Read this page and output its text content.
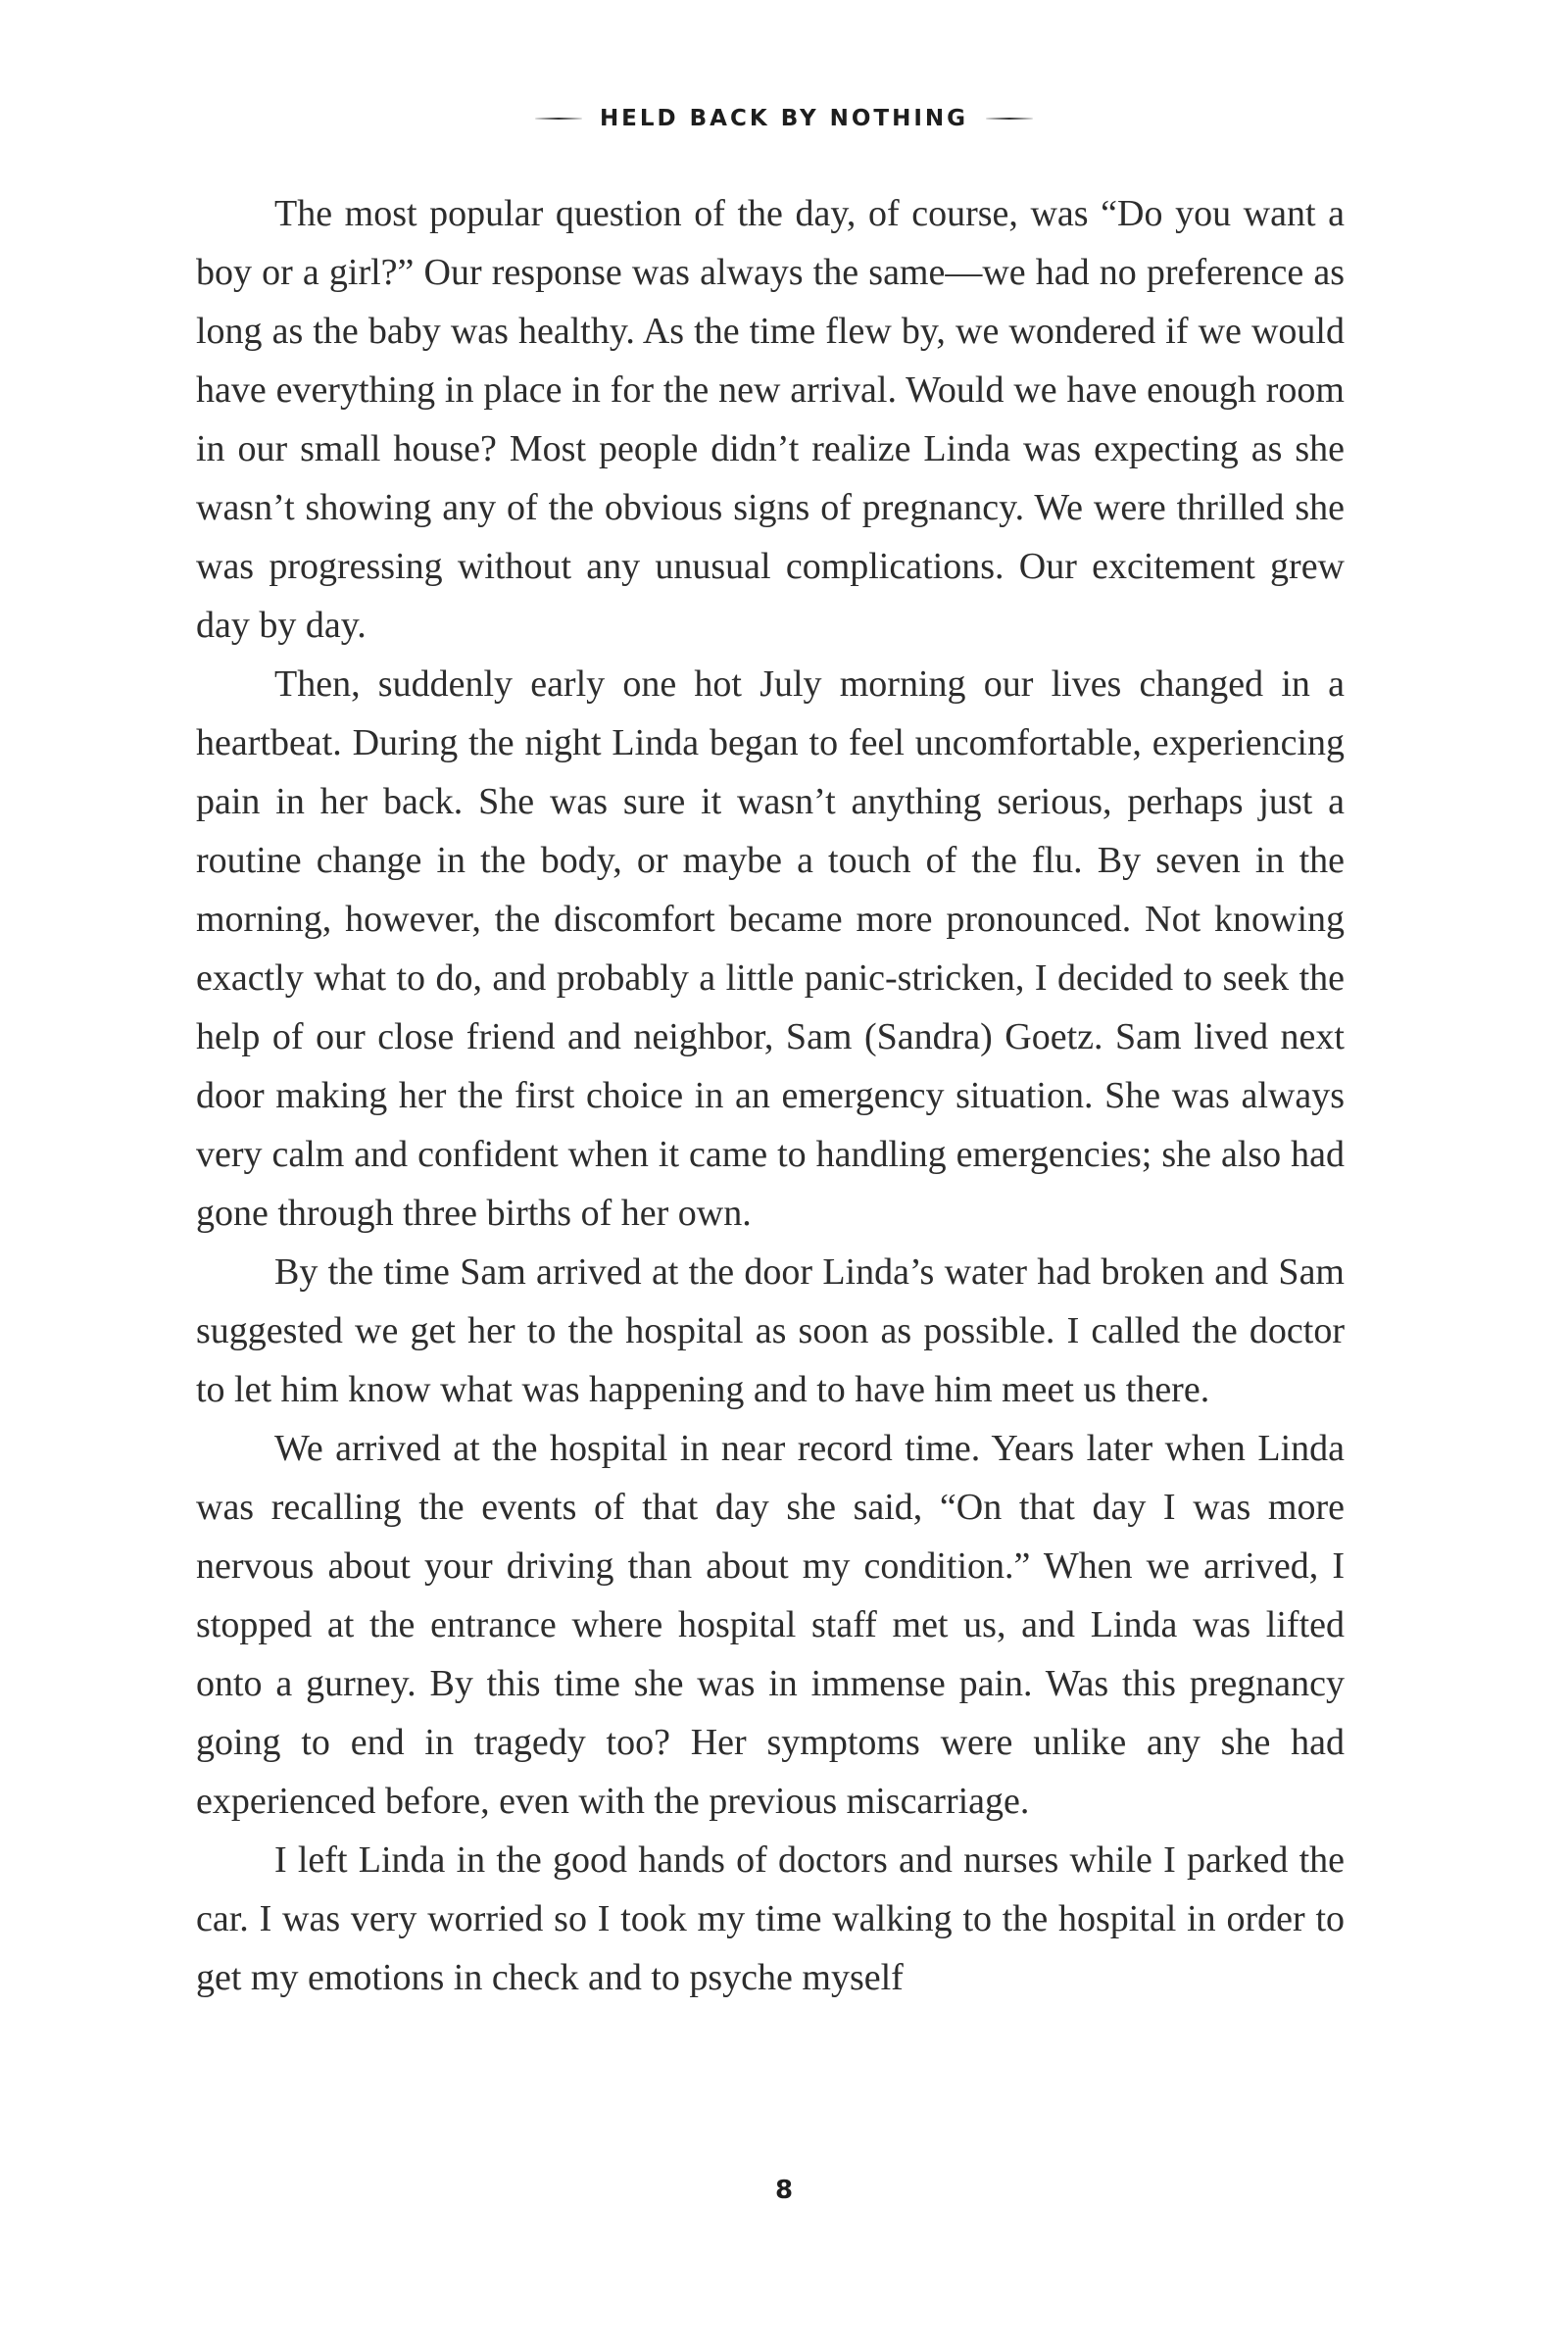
HELD BACK BY NOTHING

The most popular question of the day, of course, was “Do you want a boy or a girl?” Our response was always the same—we had no preference as long as the baby was healthy. As the time flew by, we wondered if we would have everything in place in for the new arrival. Would we have enough room in our small house? Most people didn’t realize Linda was expecting as she wasn’t showing any of the obvious signs of pregnancy. We were thrilled she was progressing without any unusual complications. Our excitement grew day by day.

Then, suddenly early one hot July morning our lives changed in a heartbeat. During the night Linda began to feel uncomfortable, experiencing pain in her back. She was sure it wasn’t anything serious, perhaps just a routine change in the body, or maybe a touch of the flu. By seven in the morning, however, the discomfort became more pronounced. Not knowing exactly what to do, and probably a little panic-stricken, I decided to seek the help of our close friend and neighbor, Sam (Sandra) Goetz. Sam lived next door making her the first choice in an emergency situation. She was always very calm and confident when it came to handling emergencies; she also had gone through three births of her own.

By the time Sam arrived at the door Linda’s water had broken and Sam suggested we get her to the hospital as soon as possible. I called the doctor to let him know what was happening and to have him meet us there.

We arrived at the hospital in near record time. Years later when Linda was recalling the events of that day she said, “On that day I was more nervous about your driving than about my condition.” When we arrived, I stopped at the entrance where hospital staff met us, and Linda was lifted onto a gurney. By this time she was in immense pain. Was this pregnancy going to end in tragedy too? Her symptoms were unlike any she had experienced before, even with the previous miscarriage.

I left Linda in the good hands of doctors and nurses while I parked the car. I was very worried so I took my time walking to the hospital in order to get my emotions in check and to psyche myself

8
